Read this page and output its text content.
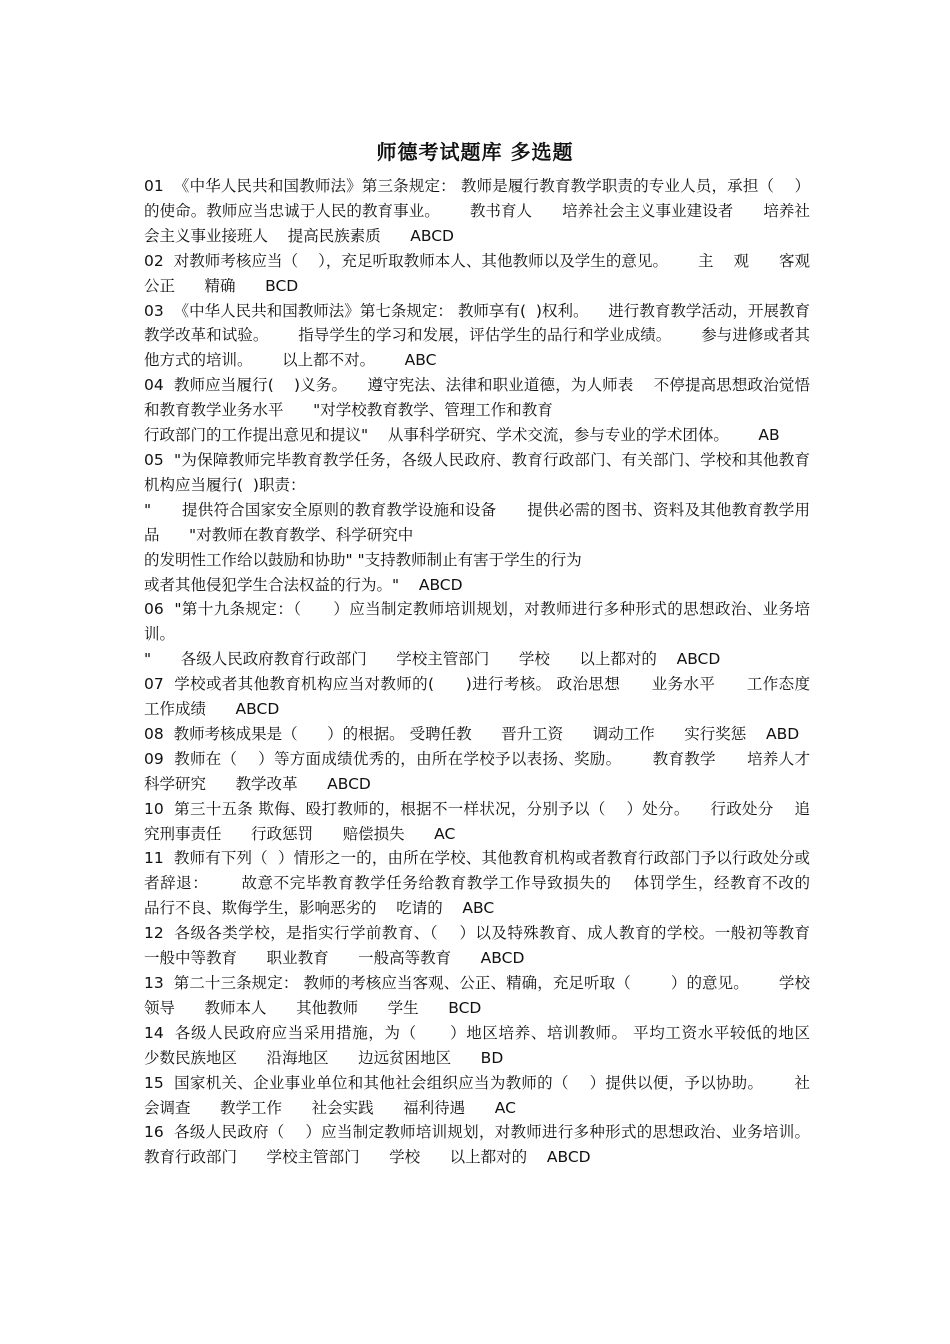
师德考试题库 多选题

01  《中华人民共和国教师法》第三条规定： 教师是履行教育教学职责的专业人员，承担（    ）的使命。教师应当忠诚于人民的教育事业。      教书育人      培养社会主义事业建设者      培养社会主义事业接班人    提高民族素质      ABCD

02  对教师考核应当（    ），充足听取教师本人、其他教师以及学生的意见。      主    观      客观      公正      精确      BCD

03  《中华人民共和国教师法》第七条规定： 教师享有(  )权利。    进行教育教学活动，开展教育教学改革和试验。      指导学生的学习和发展，评估学生的品行和学业成绩。      参与进修或者其他方式的培训。      以上都不对。      ABC

04  教师应当履行(    )义务。    遵守宪法、法律和职业道德，为人师表    不停提高思想政治觉悟和教育教学业务水平      "对学校教育教学、管理工作和教育
行政部门的工作提出意见和提议"    从事科学研究、学术交流，参与专业的学术团体。      AB

05  "为保障教师完毕教育教学任务，各级人民政府、教育行政部门、有关部门、学校和其他教育机构应当履行(  )职责：
"      提供符合国家安全原则的教育教学设施和设备      提供必需的图书、资料及其他教育教学用品      "对教师在教育教学、科学研究中
的发明性工作给以鼓励和协助" "支持教师制止有害于学生的行为
或者其他侵犯学生合法权益的行为。"    ABCD

06  "第十九条规定：（      ）应当制定教师培训规划，对教师进行多种形式的思想政治、业务培训。
"      各级人民政府教育行政部门      学校主管部门      学校      以上都对的    ABCD

07  学校或者其他教育机构应当对教师的(      )进行考核。 政治思想      业务水平      工作态度    工作成绩      ABCD

08  教师考核成果是（      ）的根据。 受聘任教      晋升工资      调动工作      实行奖惩    ABD

09  教师在（    ）等方面成绩优秀的，由所在学校予以表扬、奖励。      教育教学      培养人才    科学研究      教学改革      ABCD

10  第三十五条 欺侮、殴打教师的，根据不一样状况，分别予以（    ）处分。    行政处分    追究刑事责任      行政惩罚      赔偿损失      AC

11  教师有下列（  ）情形之一的，由所在学校、其他教育机构或者教育行政部门予以行政处分或者辞退：      故意不完毕教育教学任务给教育教学工作导致损失的    体罚学生，经教育不改的      品行不良、欺侮学生，影响恶劣的    吃请的    ABC

12  各级各类学校，是指实行学前教育、（    ）以及特殊教育、成人教育的学校。一般初等教育    一般中等教育      职业教育      一般高等教育      ABCD

13  第二十三条规定： 教师的考核应当客观、公正、精确，充足听取（        ）的意见。      学校领导      教师本人      其他教师      学生      BCD

14  各级人民政府应当采用措施，为（      ）地区培养、培训教师。 平均工资水平较低的地区      少数民族地区      沿海地区      边远贫困地区      BD

15  国家机关、企业事业单位和其他社会组织应当为教师的（    ）提供以便，予以协助。      社会调查      教学工作      社会实践      福利待遇      AC

16  各级人民政府（    ）应当制定教师培训规划，对教师进行多种形式的思想政治、业务培训。    教育行政部门      学校主管部门      学校      以上都对的    ABCD
